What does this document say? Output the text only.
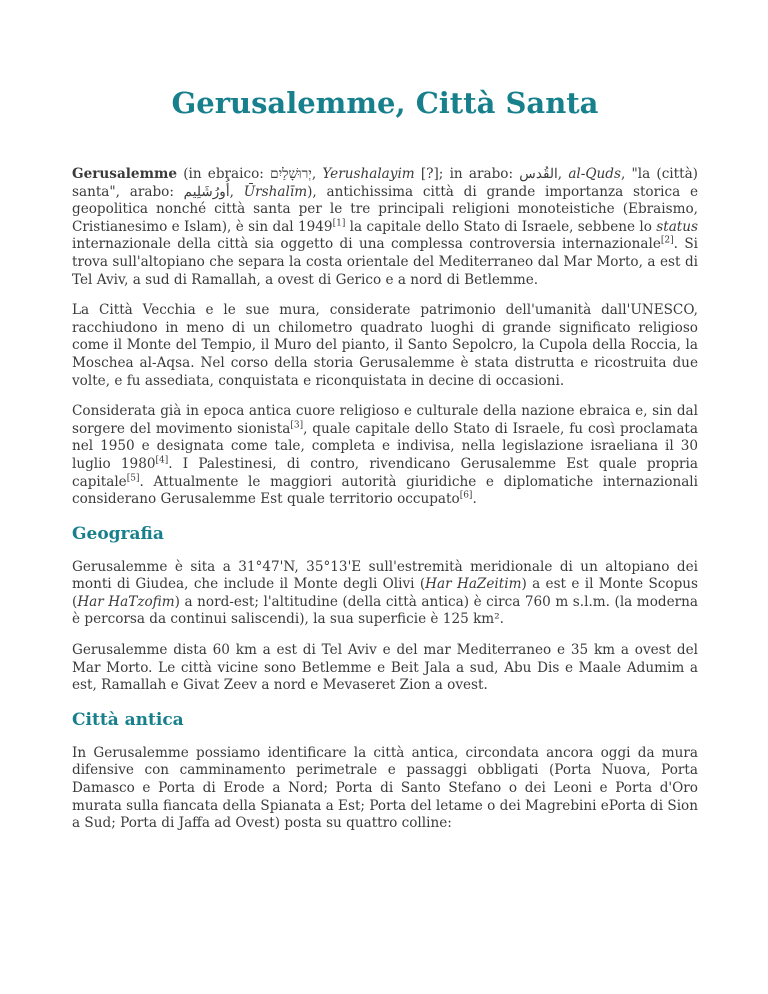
Gerusalemme, Città Santa

Gerusalemme (in ebraico: יְרוּשָׁלַיִם, Yerushalayim [?]; in arabo: القُدس, al-Quds, "la (città) santa", arabo: أُورُشَلِيم, Ūrshalīm), antichissima città di grande importanza storica e geopolitica nonché città santa per le tre principali religioni monoteistiche (Ebraismo, Cristianesimo e Islam), è sin dal 1949[1] la capitale dello Stato di Israele, sebbene lo status internazionale della città sia oggetto di una complessa controversia internazionale[2]. Si trova sull'altopiano che separa la costa orientale del Mediterraneo dal Mar Morto, a est di Tel Aviv, a sud di Ramallah, a ovest di Gerico e a nord di Betlemme.

La Città Vecchia e le sue mura, considerate patrimonio dell'umanità dall'UNESCO, racchiudono in meno di un chilometro quadrato luoghi di grande significato religioso come il Monte del Tempio, il Muro del pianto, il Santo Sepolcro, la Cupola della Roccia, la Moschea al-Aqsa. Nel corso della storia Gerusalemme è stata distrutta e ricostruita due volte, e fu assediata, conquistata e riconquistata in decine di occasioni.

Considerata già in epoca antica cuore religioso e culturale della nazione ebraica e, sin dal sorgere del movimento sionista[3], quale capitale dello Stato di Israele, fu così proclamata nel 1950 e designata come tale, completa e indivisa, nella legislazione israeliana il 30 luglio 1980[4]. I Palestinesi, di contro, rivendicano Gerusalemme Est quale propria capitale[5]. Attualmente le maggiori autorità giuridiche e diplomatiche internazionali considerano Gerusalemme Est quale territorio occupato[6].

Geografia

Gerusalemme è sita a 31°47'N, 35°13'E sull'estremità meridionale di un altopiano dei monti di Giudea, che include il Monte degli Olivi (Har HaZeitim) a est e il Monte Scopus (Har HaTzofim) a nord-est; l'altitudine (della città antica) è circa 760 m s.l.m. (la moderna è percorsa da continui saliscendi), la sua superficie è 125 km².

Gerusalemme dista 60 km a est di Tel Aviv e del mar Mediterraneo e 35 km a ovest del Mar Morto. Le città vicine sono Betlemme e Beit Jala a sud, Abu Dis e Maale Adumim a est, Ramallah e Givat Zeev a nord e Mevaseret Zion a ovest.

Città antica

In Gerusalemme possiamo identificare la città antica, circondata ancora oggi da mura difensive con camminamento perimetrale e passaggi obbligati (Porta Nuova, Porta Damasco e Porta di Erode a Nord; Porta di Santo Stefano o dei Leoni e Porta d'Oro murata sulla fiancata della Spianata a Est; Porta del letame o dei Magrebini ePorta di Sion a Sud; Porta di Jaffa ad Ovest) posta su quattro colline:
